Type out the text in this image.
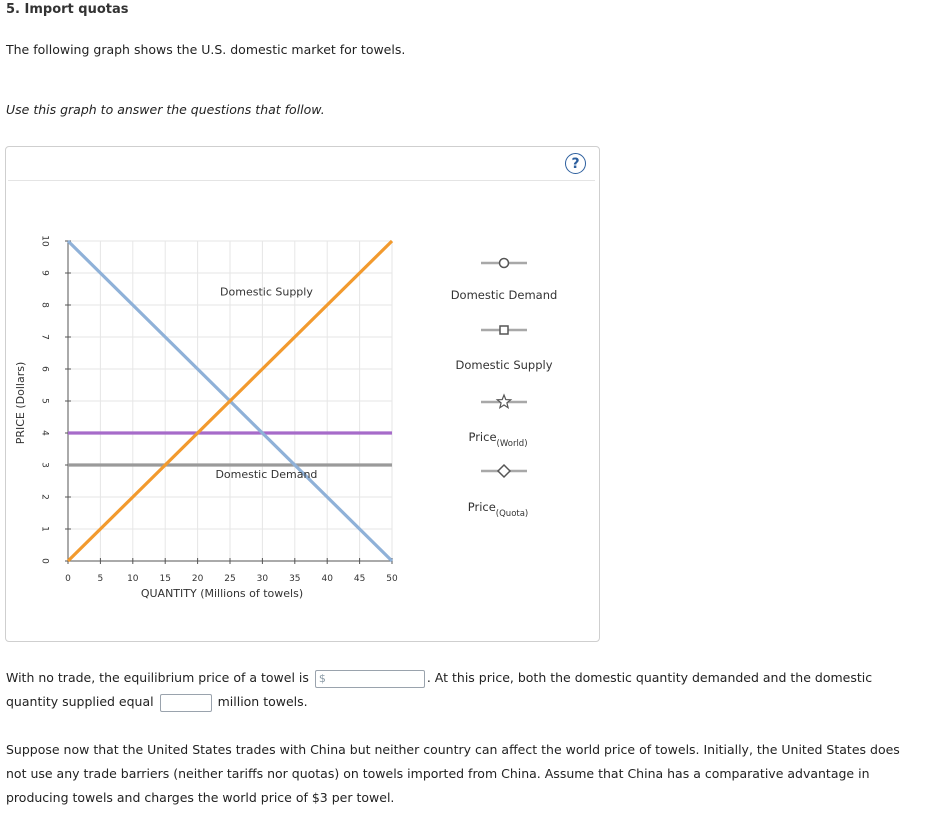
5. Import quotas
The following graph shows the U.S. domestic market for towels.
Use this graph to answer the questions that follow.
?
0
1
2
3
4
5
6
7
8
9
10
0	5	10 15 20 25 30 35 40 45 50
QUANTITY (Millions of towels)
PRICE (Dollars)
Domestic Supply
Domestic Demand
Domestic Demand
Domestic Supply
Price$_{(World)}$
Price$_{(Quota)}$
With no trade, the equilibrium price of a towel is $	. At this price, both the domestic quantity demanded and the domestic quantity supplied equal	million towels.
Suppose now that the United States trades with China but neither country can affect the world price of towels. Initially, the United States does not use any trade barriers (neither tariffs nor quotas) on towels imported from China. Assume that China has a comparative advantage in producing towels and charges the world price of $3 per towel.
